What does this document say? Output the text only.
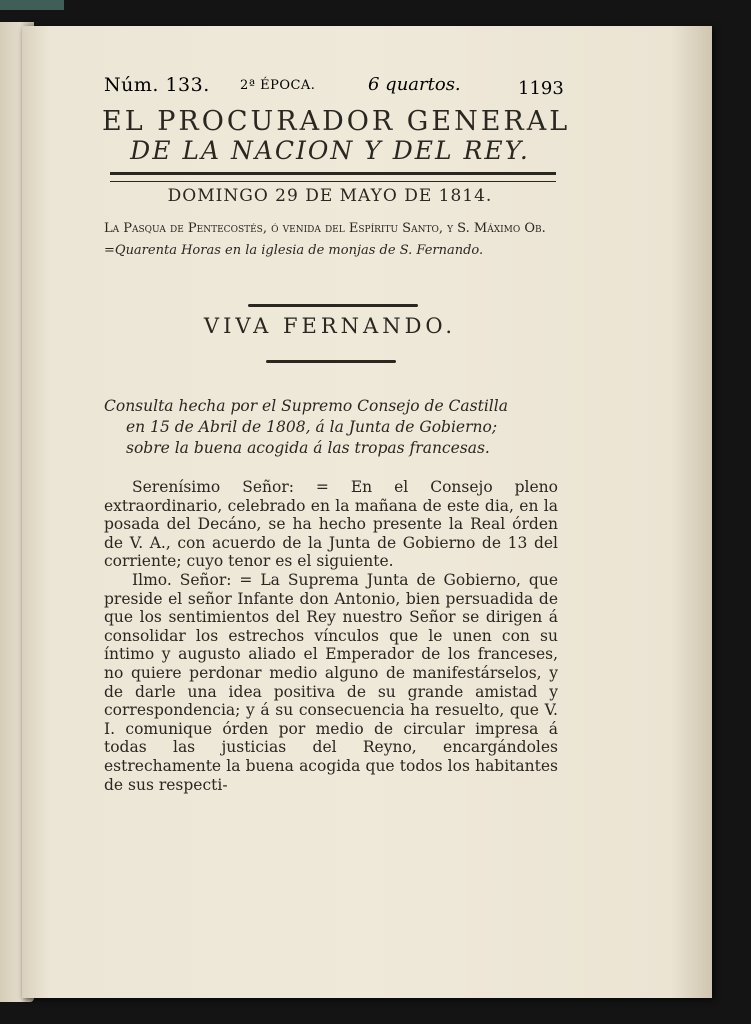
Núm. 133. 2ª ÉPOCA.	6 quartos.	1193
EL PROCURADOR GENERAL
DE LA NACION Y DEL REY.
DOMINGO 29 DE MAYO DE 1814.
La Pasqua de Pentecostés, ó venida del Espíritu Santo, y S. Máximo Ob. =Quarenta Horas en la iglesia de monjas de S. Fernando.
VIVA FERNANDO.

Consulta hecha por el Supremo Consejo de Castilla

en 15 de Abril de 1808, á la Junta de Gobierno;

sobre la buena acogida á las tropas francesas.

Serenísimo Señor: = En el Consejo pleno extraordinario, celebrado en la mañana de este dia, en la posada del Decáno, se ha hecho presente la Real órden de V. A., con acuerdo de la Junta de Gobierno de 13 del corriente; cuyo tenor es el siguiente.

Ilmo. Señor: = La Suprema Junta de Gobierno, que preside el señor Infante don Antonio, bien persuadida de que los sentimientos del Rey nuestro Señor se dirigen á consolidar los estrechos vínculos que le unen con su íntimo y augusto aliado el Emperador de los franceses, no quiere perdonar medio alguno de manifestárselos, y de darle una idea positiva de su grande amistad y correspondencia; y á su consecuencia ha resuelto, que V. I. comunique órden por medio de circular impresa á todas las justicias del Reyno, encargándoles estrechamente la buena acogida que todos los habitantes de sus respecti-
